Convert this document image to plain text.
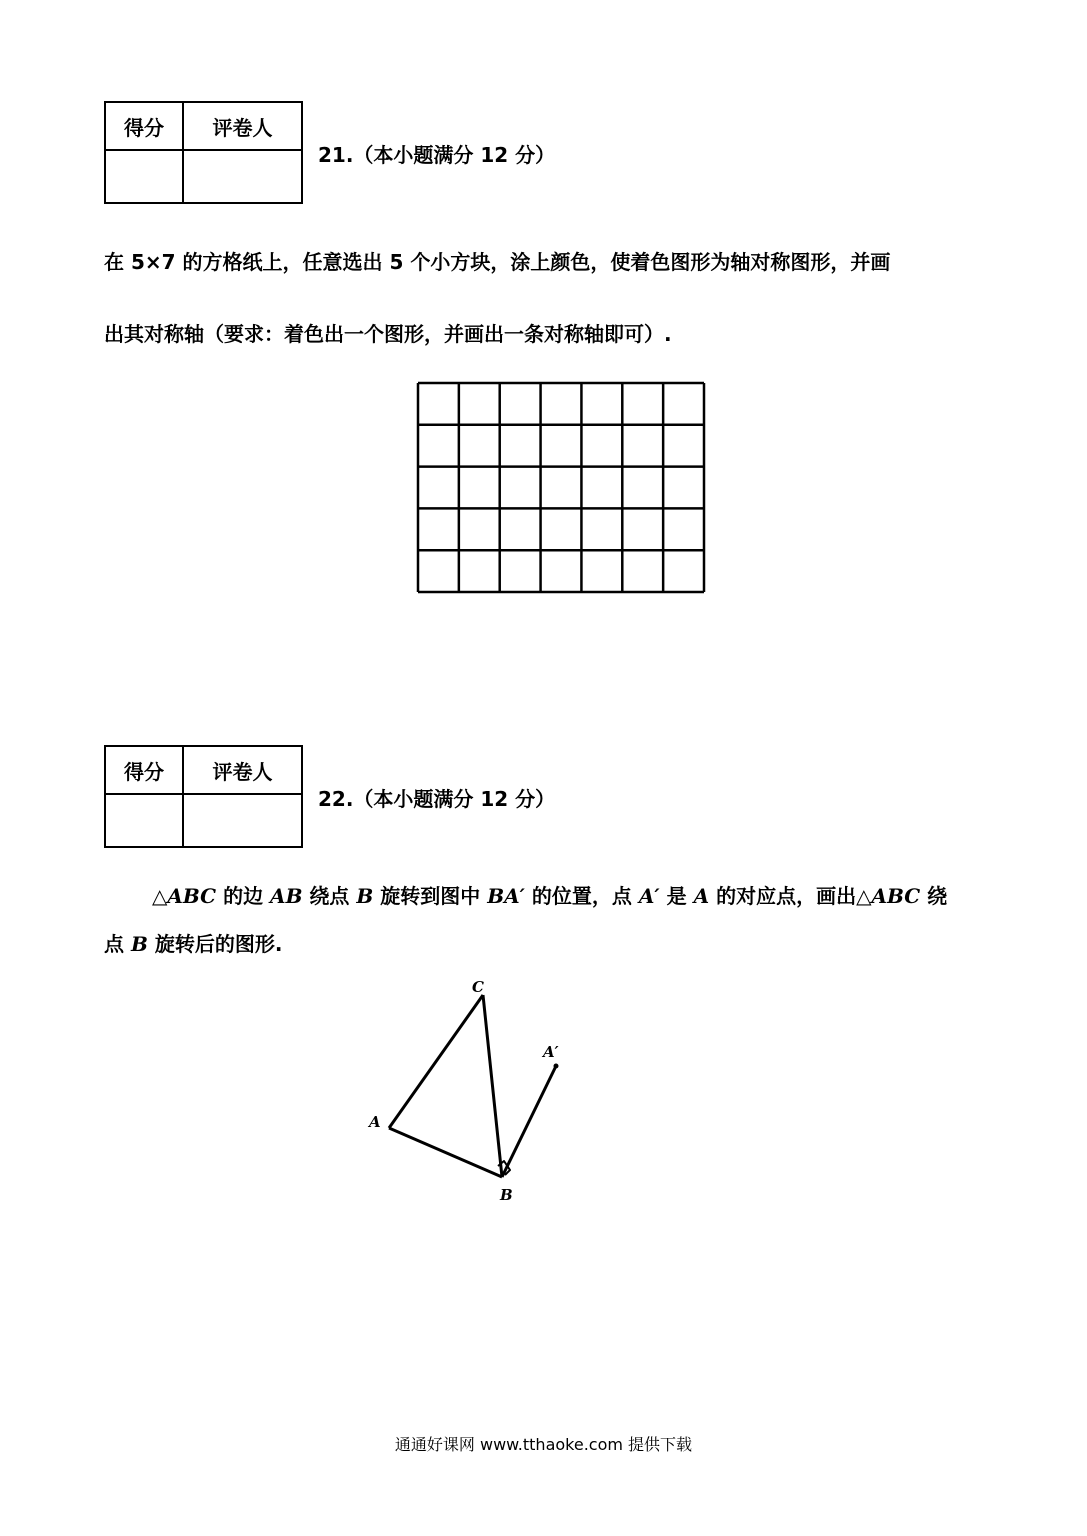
得分	评卷人

21.（本小题满分 12 分）
在 5×7 的方格纸上，任意选出 5 个小方块，涂上颜色，使着色图形为轴对称图形，并画
出其对称轴（要求：着色出一个图形，并画出一条对称轴即可）.
得分	评卷人

22.（本小题满分 12 分）
△ABC 的边 AB 绕点 B 旋转到图中 BA′ 的位置，点 A′ 是 A 的对应点，画出△ABC 绕
点 B 旋转后的图形.
A
B
C
A′
通通好课网 www.tthaoke.com 提供下载
